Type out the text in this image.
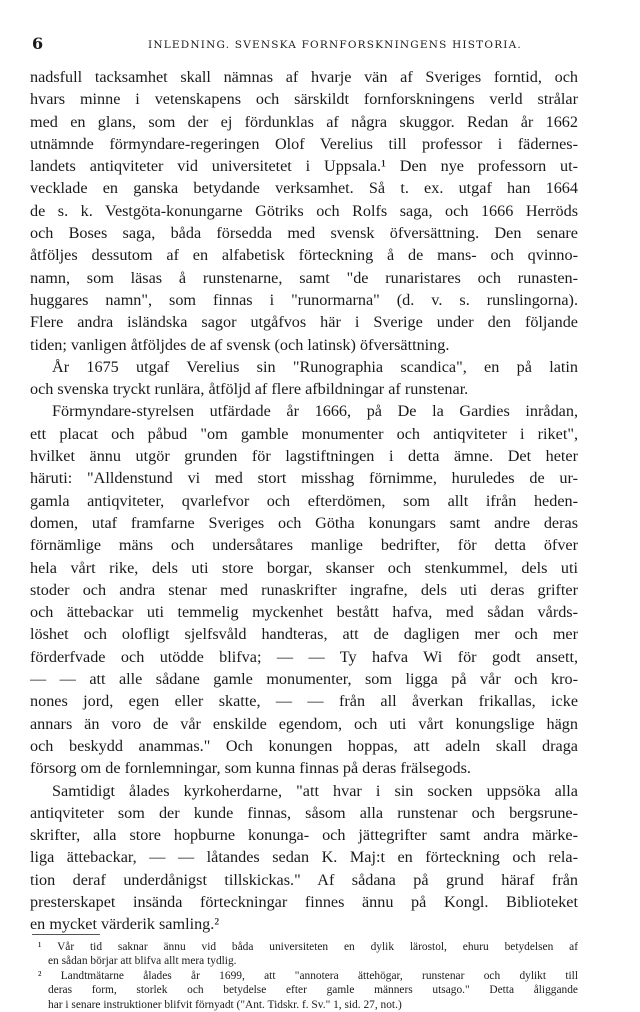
6	INLEDNING. SVENSKA FORNFORSKNINGENS HISTORIA.
nadsfull tacksamhet skall nämnas af hvarje vän af Sveriges forntid, och
hvars minne i vetenskapens och särskildt fornforskningens verld strålar
med en glans, som der ej fördunklas af några skuggor. Redan år 1662
utnämnde förmyndare-regeringen Olof Verelius till professor i fädernes-
landets antiqviteter vid universitetet i Uppsala.¹ Den nye professorn ut-
vecklade en ganska betydande verksamhet. Så t. ex. utgaf han 1664
de s. k. Vestgöta-konungarne Götriks och Rolfs saga, och 1666 Herröds
och Boses saga, båda försedda med svensk öfversättning. Den senare
åtföljes dessutom af en alfabetisk förteckning å de mans- och qvinno-
namn, som läsas å runstenarne, samt "de runaristares och runasten-
huggares namn", som finnas i "runormarna" (d. v. s. runslingorna).
Flere andra isländska sagor utgåfvos här i Sverige under den följande
tiden; vanligen åtföljdes de af svensk (och latinsk) öfversättning.
År 1675 utgaf Verelius sin "Runographia scandica", en på latin
och svenska tryckt runlära, åtföljd af flere afbildningar af runstenar.
Förmyndare-styrelsen utfärdade år 1666, på De la Gardies inrådan,
ett placat och påbud "om gamble monumenter och antiqviteter i riket",
hvilket ännu utgör grunden för lagstiftningen i detta ämne. Det heter
häruti: "Alldenstund vi med stort misshag förnimme, huruledes de ur-
gamla antiqviteter, qvarlefvor och efterdömen, som allt ifrån heden-
domen, utaf framfarne Sveriges och Götha konungars samt andre deras
förnämlige mäns och undersåtares manlige bedrifter, för detta öfver
hela vårt rike, dels uti store borgar, skanser och stenkummel, dels uti
stoder och andra stenar med runaskrifter ingrafne, dels uti deras grifter
och ättebackar uti temmelig myckenhet bestått hafva, med sådan vårds-
löshet och olofligt sjelfsvåld handteras, att de dagligen mer och mer
förderfvade och utödde blifva; — — Ty hafva Wi för godt ansett,
— — att alle sådane gamle monumenter, som ligga på vår och kro-
nones jord, egen eller skatte, — — från all åverkan frikallas, icke
annars än voro de vår enskilde egendom, och uti vårt konungslige hägn
och beskydd anammas." Och konungen hoppas, att adeln skall draga
försorg om de fornlemningar, som kunna finnas på deras frälsegods.
Samtidigt ålades kyrkoherdarne, "att hvar i sin socken uppsöka alla
antiqviteter som der kunde finnas, såsom alla runstenar och bergsrune-
skrifter, alla store hopburne konunga- och jättegrifter samt andra märke-
liga ättebackar, — — låtandes sedan K. Maj:t en förteckning och rela-
tion deraf underdånigst tillskickas." Af sådana på grund häraf från
presterskapet insända förteckningar finnes ännu på Kongl. Biblioteket
en mycket värderik samling.²
¹ Vår tid saknar ännu vid båda universiteten en dylik lärostol, ehuru betydelsen af
en sådan börjar att blifva allt mera tydlig.
² Landtmätarne ålades år 1699, att "annotera ättehögar, runstenar och dylikt till
deras form, storlek och betydelse efter gamle männers utsago." Detta åliggande
har i senare instruktioner blifvit förnyadt ("Ant. Tidskr. f. Sv." 1, sid. 27, not.)
